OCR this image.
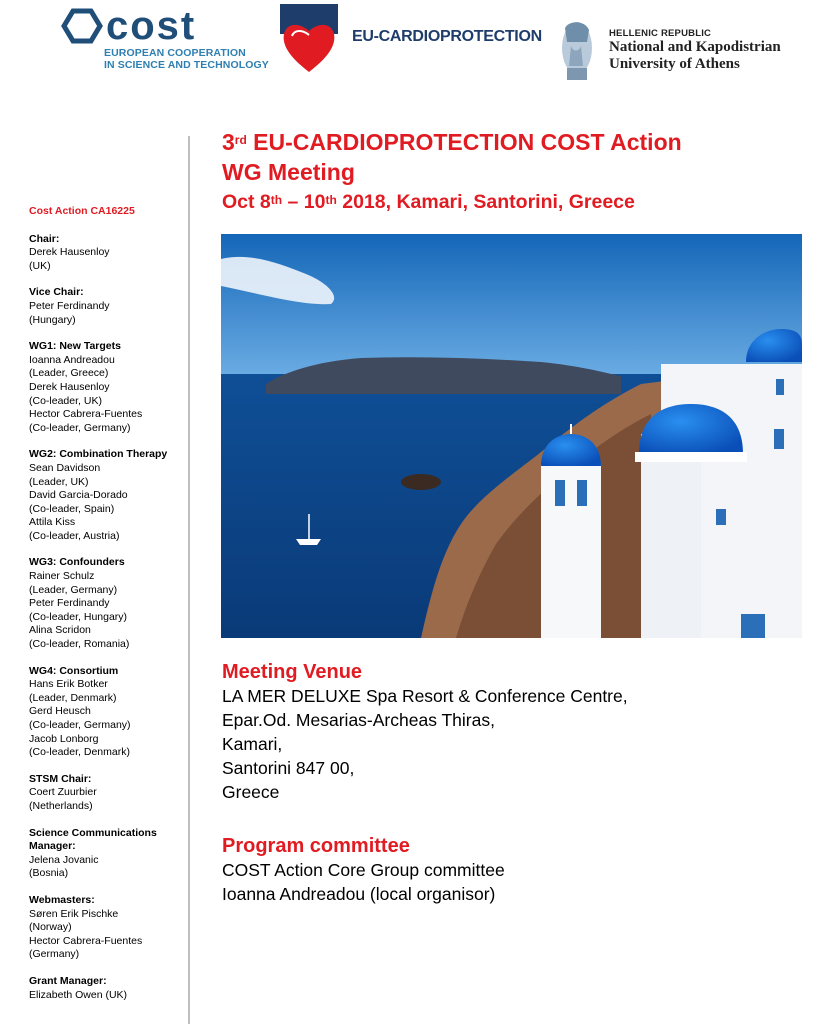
cost
EUROPEAN COOPERATION
IN SCIENCE AND TECHNOLOGY
EU-CARDIOPROTECTION	HELLENIC REPUBLIC
National and Kapodistrian
University of Athens
Cost Action CA16225
Chair:
Derek Hausenloy
(UK)
Vice Chair:
Peter Ferdinandy
(Hungary)
WG1: New Targets
Ioanna Andreadou
(Leader, Greece)
Derek Hausenloy
(Co-leader, UK)
Hector Cabrera-Fuentes
(Co-leader, Germany)
WG2: Combination Therapy
Sean Davidson
(Leader, UK)
David Garcia-Dorado
(Co-leader, Spain)
Attila Kiss
(Co-leader, Austria)
WG3: Confounders
Rainer Schulz
(Leader, Germany)
Peter Ferdinandy
(Co-leader, Hungary)
Alina Scridon
(Co-leader, Romania)
WG4: Consortium
Hans Erik Botker
(Leader, Denmark)
Gerd Heusch
(Co-leader, Germany)
Jacob Lonborg
(Co-leader, Denmark)
STSM Chair:
Coert Zuurbier
(Netherlands)
Science Communications Manager:
Jelena Jovanic
(Bosnia)
Webmasters:
Søren Erik Pischke
(Norway)
Hector Cabrera-Fuentes
(Germany)
Grant Manager:
Elizabeth Owen (UK)
3rd EU-CARDIOPROTECTION COST Action
WG Meeting
Oct 8th – 10th 2018, Kamari, Santorini, Greece
Meeting Venue
LA MER DELUXE Spa Resort & Conference Centre,
Epar.Od. Mesarias-Archeas Thiras,
Kamari,
Santorini 847 00,
Greece
Program committee
COST Action Core Group committee
Ioanna Andreadou (local organisor)
